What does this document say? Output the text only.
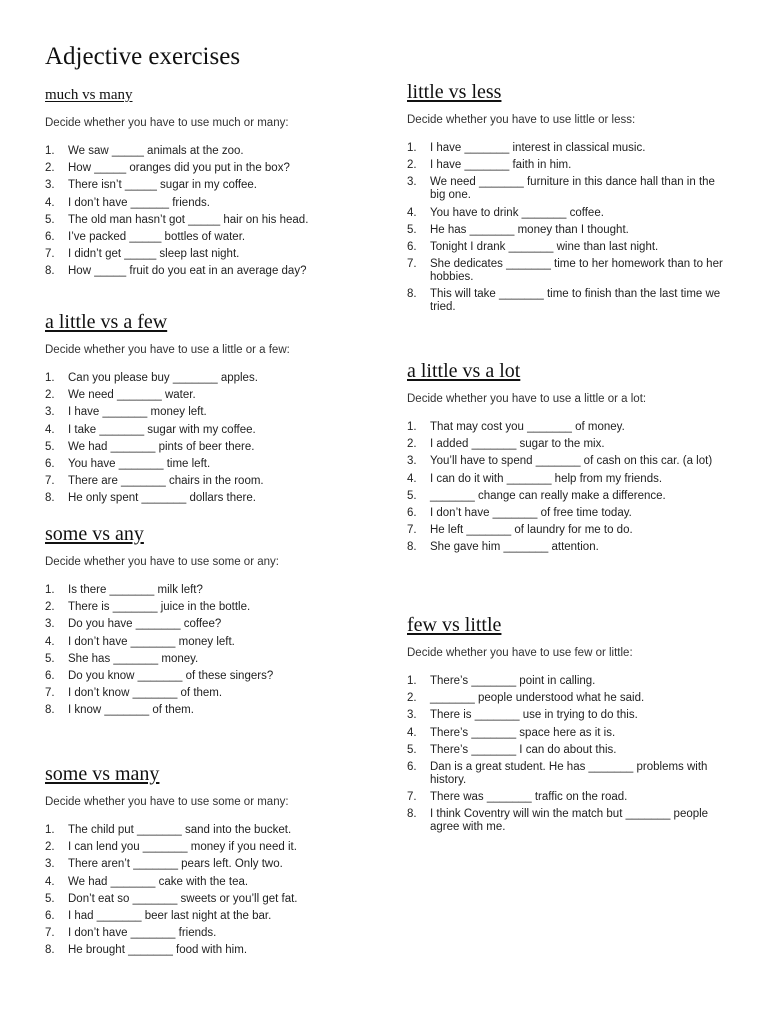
Adjective exercises
much vs many

Decide whether you have to use much or many:

1.	We saw _____ animals at the zoo.
2.	How _____ oranges did you put in the box?
3.	There isn’t _____ sugar in my coffee.
4.	I don’t have ______ friends.
5.	The old man hasn’t got _____ hair on his head.
6.	I’ve packed _____ bottles of water.
7.	I didn’t get _____ sleep last night.
8.	How _____ fruit do you eat in an average day?
a little vs a few

Decide whether you have to use a little or a few:

1.	Can you please buy _______ apples.
2.	We need _______ water.
3.	I have _______ money left.
4.	I take _______ sugar with my coffee.
5.	We had _______ pints of beer there.
6.	You have _______ time left.
7.	There are _______ chairs in the room.
8.	He only spent _______ dollars there.
some vs any

Decide whether you have to use some or any:

1.	Is there _______ milk left?
2.	There is _______ juice in the bottle.
3.	Do you have _______ coffee?
4.	I don’t have _______ money left.
5.	She has _______ money.
6.	Do you know _______ of these singers?
7.	I don’t know _______ of them.
8.	I know _______ of them.
some vs many

Decide whether you have to use some or many:

1.	The child put _______ sand into the bucket.
2.	I can lend you _______ money if you need it.
3.	There aren’t _______ pears left. Only two.
4.	We had _______ cake with the tea.
5.	Don’t eat so _______ sweets or you’ll get fat.
6.	I had _______ beer last night at the bar.
7.	I don’t have _______ friends.
8.	He brought _______ food with him.
little vs less

Decide whether you have to use little or less:

1.	I have _______ interest in classical music.
2.	I have _______ faith in him.
3.	We need _______ furniture in this dance hall than in the big one.
4.	You have to drink _______ coffee.
5.	He has _______ money than I thought.
6.	Tonight I drank _______ wine than last night.
7.	She dedicates _______ time to her homework than to her hobbies.
8.	This will take _______ time to finish than the last time we tried.
a little vs a lot

Decide whether you have to use a little or a lot:

1.	That may cost you _______ of money.
2.	I added _______ sugar to the mix.
3.	You’ll have to spend _______ of cash on this car. (a lot)
4.	I can do it with _______ help from my friends.
5.	_______ change can really make a difference.
6.	I don’t have _______ of free time today.
7.	He left _______ of laundry for me to do.
8.	She gave him _______ attention.
few vs little

Decide whether you have to use few or little:

1.	There’s _______ point in calling.
2.	_______ people understood what he said.
3.	There is _______ use in trying to do this.
4.	There’s _______ space here as it is.
5.	There’s _______ I can do about this.
6.	Dan is a great student. He has _______ problems with history.
7.	There was _______ traffic on the road.
8.	I think Coventry will win the match but _______ people agree with me.
